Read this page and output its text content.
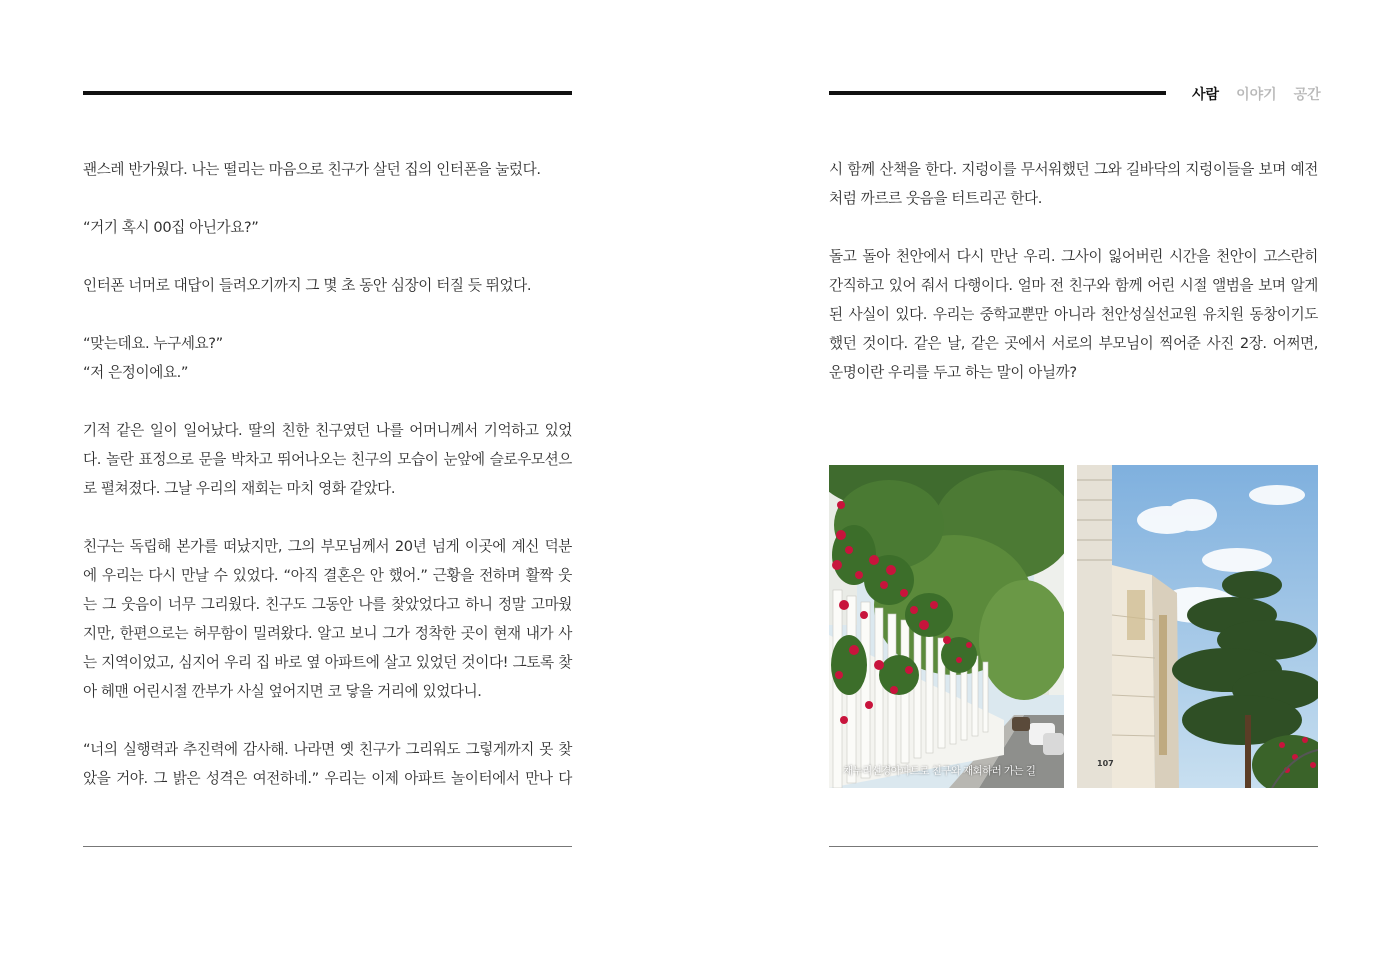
괜스레 반가웠다. 나는 떨리는 마음으로 친구가 살던 집의 인터폰을 눌렀다.

“거기 혹시 00집 아닌가요?”

인터폰 너머로 대답이 들려오기까지 그 몇 초 동안 심장이 터질 듯 뛰었다.

“맞는데요. 누구세요?”
“저 은정이에요.”

기적 같은 일이 일어났다. 딸의 친한 친구였던 나를 어머니께서 기억하고 있었
다. 놀란 표정으로 문을 박차고 뛰어나오는 친구의 모습이 눈앞에 슬로우모션으
로 펼쳐졌다. 그날 우리의 재회는 마치 영화 같았다.

친구는 독립해 본가를 떠났지만, 그의 부모님께서 20년 넘게 이곳에 계신 덕분
에 우리는 다시 만날 수 있었다. “아직 결혼은 안 했어.” 근황을 전하며 활짝 웃
는 그 웃음이 너무 그리웠다. 친구도 그동안 나를 찾았었다고 하니 정말 고마웠
지만, 한편으로는 허무함이 밀려왔다. 알고 보니 그가 정착한 곳이 현재 내가 사
는 지역이었고, 심지어 우리 집 바로 옆 아파트에 살고 있었던 것이다! 그토록 찾
아 헤맨 어린시절 깐부가 사실 엎어지면 코 닿을 거리에 있었다니.

“너의 실행력과 추진력에 감사해. 나라면 옛 친구가 그리워도 그렇게까지 못 찾
았을 거야. 그 밝은 성격은 여전하네.” 우리는 이제 아파트 놀이터에서 만나 다

사람 이야기 공간

시 함께 산책을 한다. 지렁이를 무서워했던 그와 길바닥의 지렁이들을 보며 예전
처럼 까르르 웃음을 터트리곤 한다.

돌고 돌아 천안에서 다시 만난 우리. 그사이 잃어버린 시간을 천안이 고스란히
간직하고 있어 줘서 다행이다. 얼마 전 친구와 함께 어린 시절 앨범을 보며 알게
된 사실이 있다. 우리는 중학교뿐만 아니라 천안성실선교원 유치원 동창이기도
했던 것이다. 같은 날, 같은 곳에서 서로의 부모님이 찍어준 사진 2장. 어쩌면,
운명이란 우리를 두고 하는 말이 아닐까?

채누리선경아파트로 친구와 재회하러 가는 길
107
